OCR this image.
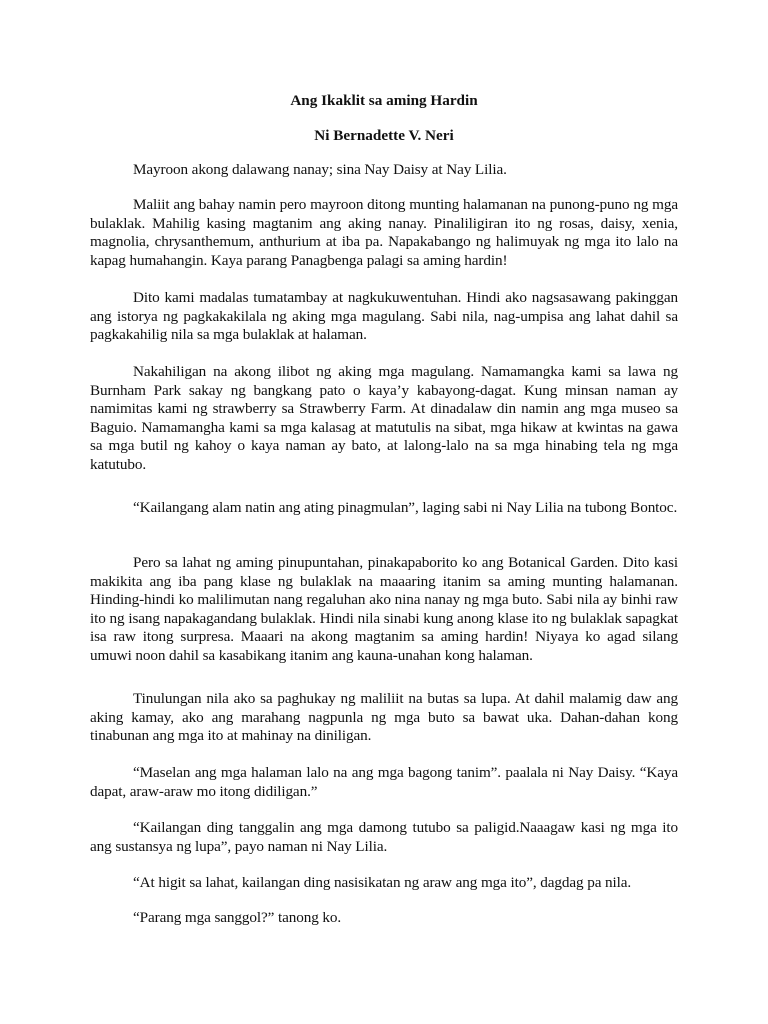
Ang Ikaklit sa aming Hardin
Ni Bernadette V. Neri

Mayroon akong dalawang nanay; sina Nay Daisy at Nay Lilia.

Maliit ang bahay namin pero mayroon ditong munting halamanan na punong-puno ng mga bulaklak. Mahilig kasing magtanim ang aking nanay. Pinaliligiran ito ng rosas, daisy, xenia, magnolia, chrysanthemum, anthurium at iba pa. Napakabango ng halimuyak ng mga ito lalo na kapag humahangin. Kaya parang Panagbenga palagi sa aming hardin!

Dito kami madalas tumatambay at nagkukuwentuhan. Hindi ako nagsasawang pakinggan ang istorya ng pagkakakilala ng aking mga magulang. Sabi nila, nag-umpisa ang lahat dahil sa pagkakahilig nila sa mga bulaklak at halaman.

Nakahiligan na akong ilibot ng aking mga magulang. Namamangka kami sa lawa ng Burnham Park sakay ng bangkang pato o kaya’y kabayong-dagat. Kung minsan naman ay namimitas kami ng strawberry sa Strawberry Farm. At dinadalaw din namin ang mga museo sa Baguio. Namamangha kami sa mga kalasag at matutulis na sibat, mga hikaw at kwintas na gawa sa mga butil ng kahoy o kaya naman ay bato, at lalong-lalo na sa mga hinabing tela ng mga katutubo.

“Kailangang alam natin ang ating pinagmulan”, laging sabi ni Nay Lilia na tubong Bontoc.

Pero sa lahat ng aming pinupuntahan, pinakapaborito ko ang Botanical Garden. Dito kasi makikita ang iba pang klase ng bulaklak na maaaring itanim sa aming munting halamanan. Hinding-hindi ko malilimutan nang regaluhan ako nina nanay ng mga buto. Sabi nila ay binhi raw ito ng isang napakagandang bulaklak. Hindi nila sinabi kung anong klase ito ng bulaklak sapagkat isa raw itong surpresa. Maaari na akong magtanim sa aming hardin! Niyaya ko agad silang umuwi noon dahil sa kasabikang itanim ang kauna-unahan kong halaman.

Tinulungan nila ako sa paghukay ng maliliit na butas sa lupa. At dahil malamig daw ang aking kamay, ako ang marahang nagpunla ng mga buto sa bawat uka. Dahan-dahan kong tinabunan ang mga ito at mahinay na diniligan.

“Maselan ang mga halaman lalo na ang mga bagong tanim”. paalala ni Nay Daisy. “Kaya dapat, araw-araw mo itong didiligan.”

“Kailangan ding tanggalin ang mga damong tutubo sa paligid.Naaagaw kasi ng mga ito ang sustansya ng lupa”, payo naman ni Nay Lilia.

“At higit sa lahat, kailangan ding nasisikatan ng araw ang mga ito”, dagdag pa nila.

“Parang mga sanggol?” tanong ko.
